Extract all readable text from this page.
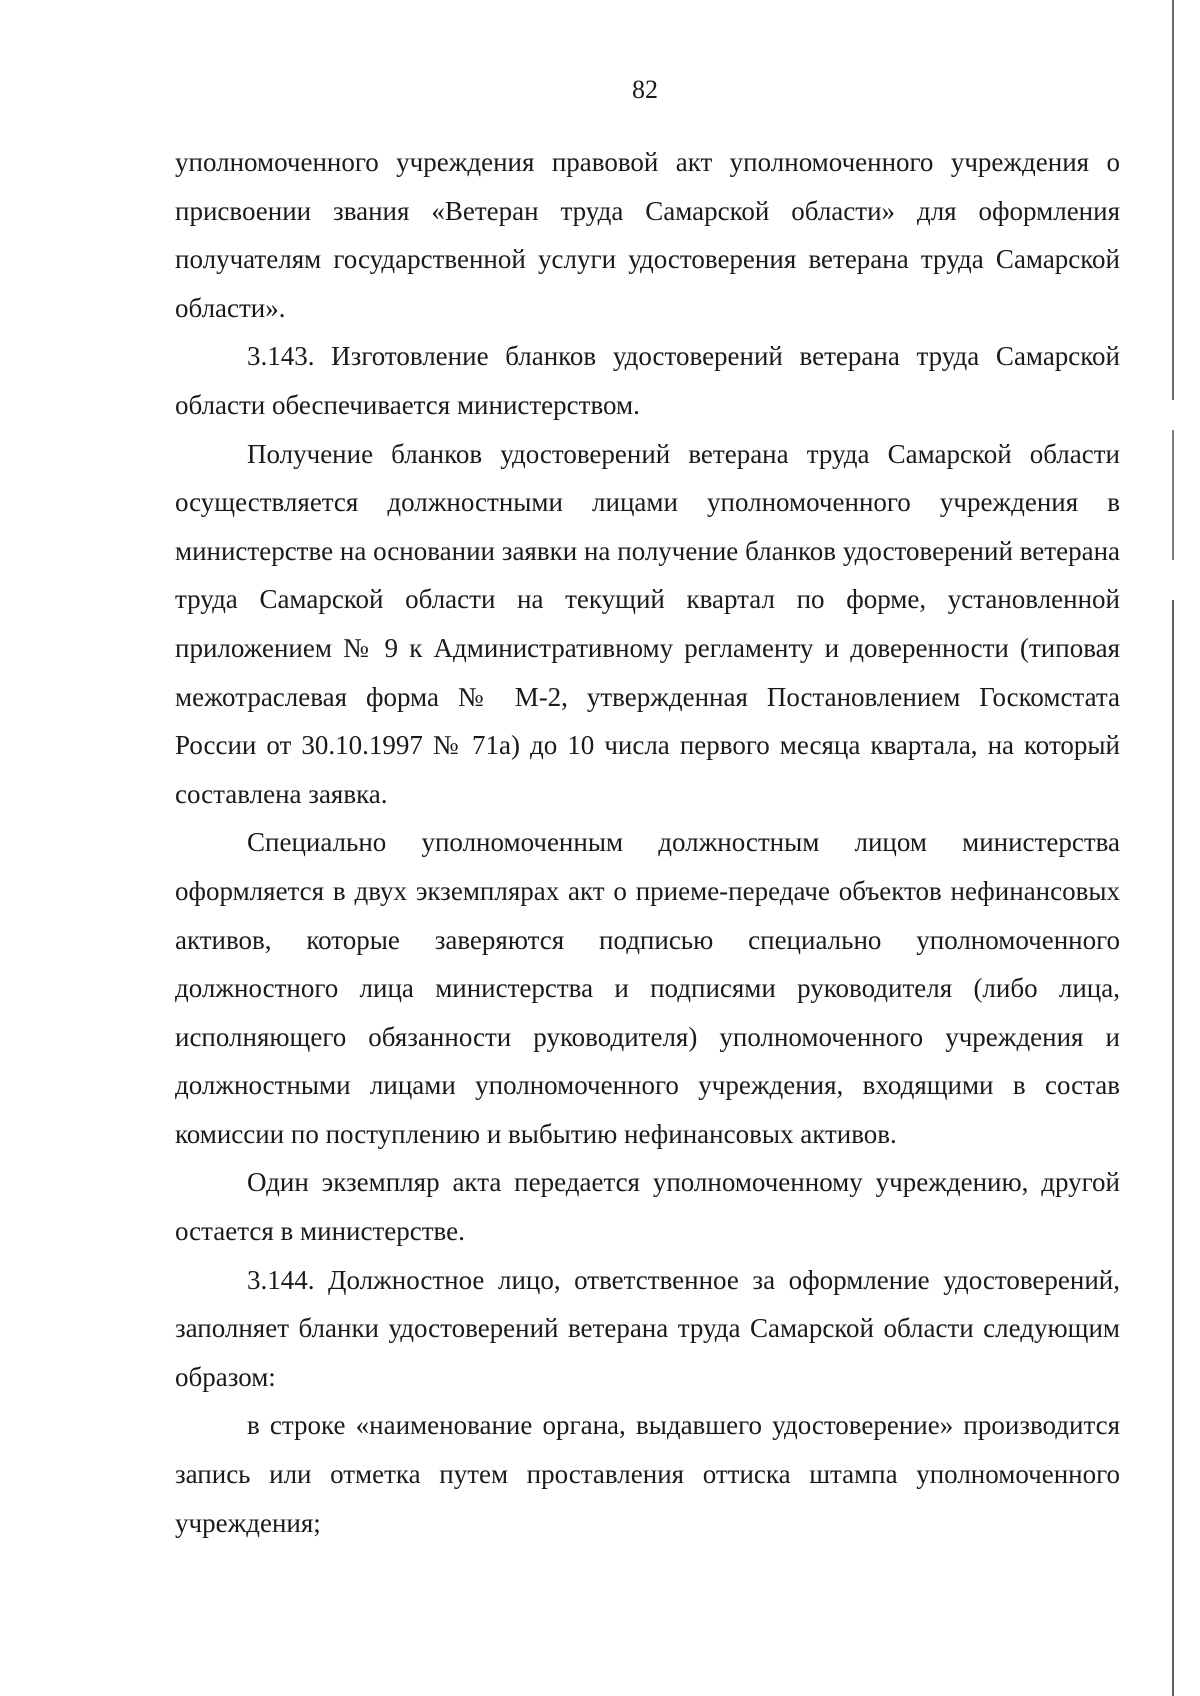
82

уполномоченного учреждения правовой акт уполномоченного учреждения о присвоении звания «Ветеран труда Самарской области» для оформления получателям государственной услуги удостоверения ветерана труда Самарской области».

3.143. Изготовление бланков удостоверений ветерана труда Самарской области обеспечивается министерством.

Получение бланков удостоверений ветерана труда Самарской области осуществляется должностными лицами уполномоченного учреждения в министерстве на основании заявки на получение бланков удостоверений ветерана труда Самарской области на текущий квартал по форме, установленной приложением № 9 к Административному регламенту и доверенности (типовая межотраслевая форма № М-2, утвержденная Постановлением Госкомстата России от 30.10.1997 № 71а) до 10 числа первого месяца квартала, на который составлена заявка.

Специально уполномоченным должностным лицом министерства оформляется в двух экземплярах акт о приеме-передаче объектов нефинансовых активов, которые заверяются подписью специально уполномоченного должностного лица министерства и подписями руководителя (либо лица, исполняющего обязанности руководителя) уполномоченного учреждения и должностными лицами уполномоченного учреждения, входящими в состав комиссии по поступлению и выбытию нефинансовых активов.

Один экземпляр акта передается уполномоченному учреждению, другой остается в министерстве.

3.144. Должностное лицо, ответственное за оформление удостоверений, заполняет бланки удостоверений ветерана труда Самарской области следующим образом:

в строке «наименование органа, выдавшего удостоверение» производится запись или отметка путем проставления оттиска штампа уполномоченного учреждения;
